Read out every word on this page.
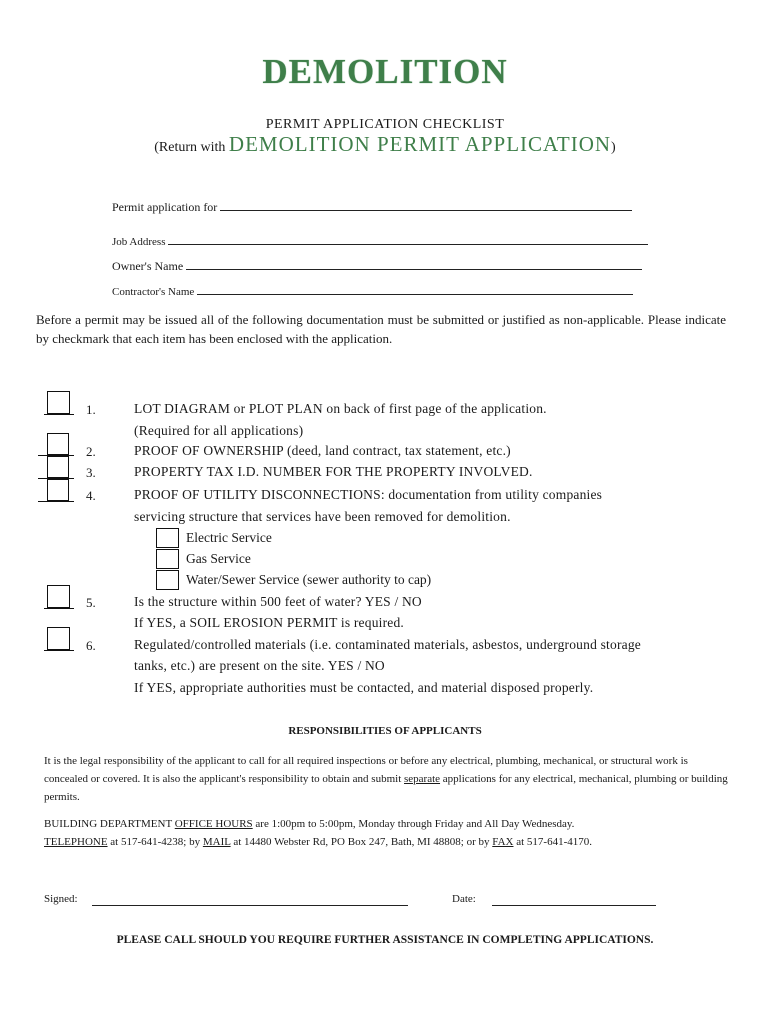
DEMOLITION
PERMIT APPLICATION CHECKLIST
(Return with DEMOLITION PERMIT APPLICATION)
Permit application for
Job Address
Owner's Name
Contractor's Name
Before a permit may be issued all of the following documentation must be submitted or justified as non-applicable. Please indicate by checkmark that each item has been enclosed with the application.
1.
2.
3.
4.
5.
6.
LOT DIAGRAM or PLOT PLAN on back of first page of the application.
(Required for all applications)
PROOF OF OWNERSHIP (deed, land contract, tax statement, etc.)
PROPERTY TAX I.D. NUMBER FOR THE PROPERTY INVOLVED.
PROOF OF UTILITY DISCONNECTIONS: documentation from utility companies
servicing structure that services have been removed for demolition.
Electric Service
Gas Service
Water/Sewer Service (sewer authority to cap)
Is the structure within 500 feet of water? YES / NO
If YES, a SOIL EROSION PERMIT is required.
Regulated/controlled materials (i.e. contaminated materials, asbestos, underground storage
tanks, etc.) are present on the site. YES / NO
If YES, appropriate authorities must be contacted, and material disposed properly.
RESPONSIBILITIES OF APPLICANTS
It is the legal responsibility of the applicant to call for all required inspections or before any electrical, plumbing, mechanical, or structural work is concealed or covered. It is also the applicant's responsibility to obtain and submit separate applications for any electrical, mechanical, plumbing or building permits.
BUILDING DEPARTMENT OFFICE HOURS are 1:00pm to 5:00pm, Monday through Friday and All Day Wednesday.
TELEPHONE at 517-641-4238; by MAIL at 14480 Webster Rd, PO Box 247, Bath, MI 48808; or by FAX at 517-641-4170.
Signed:	Date:
PLEASE CALL SHOULD YOU REQUIRE FURTHER ASSISTANCE IN COMPLETING APPLICATIONS.
